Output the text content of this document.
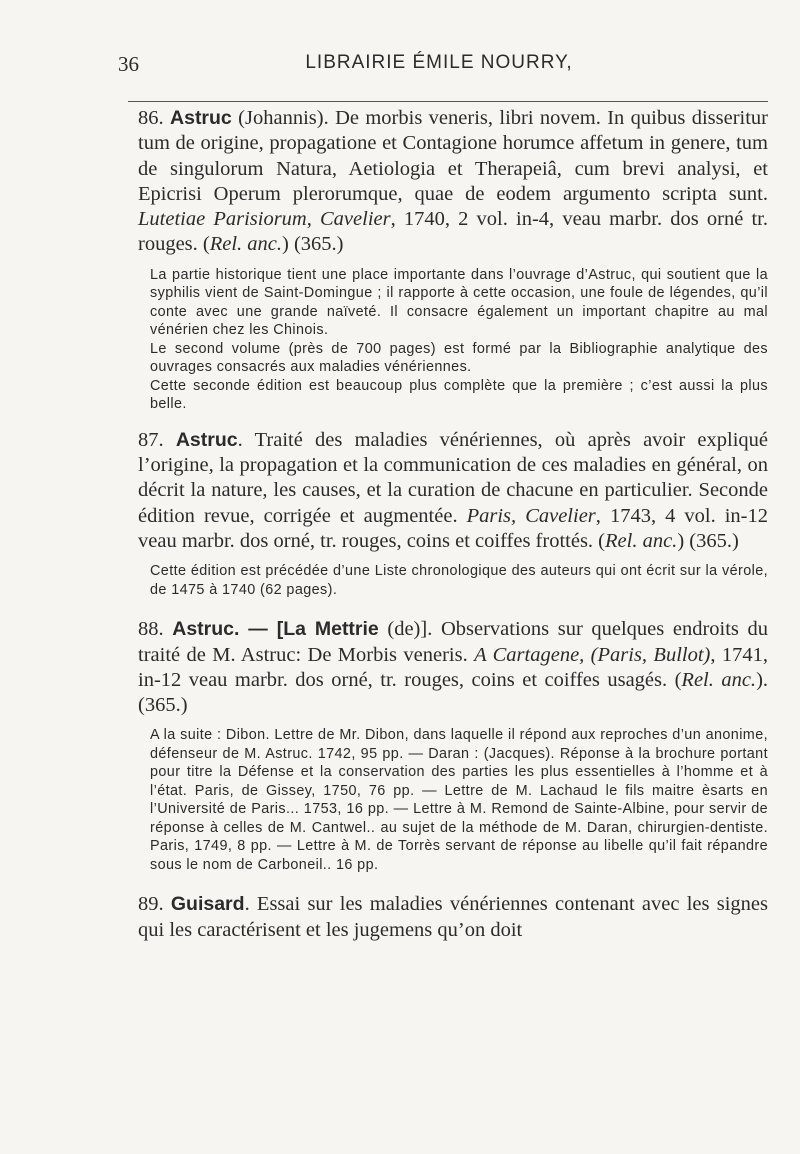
36	LIBRAIRIE ÉMILE NOURRY,

86. Astruc (Johannis). De morbis veneris, libri novem. In quibus disseritur tum de origine, propagatione et Contagione horumce affetum in genere, tum de singulorum Natura, Aetiologia et Therapeiâ, cum brevi analysi, et Epicrisi Operum plerorumque, quae de eodem argumento scripta sunt. Lutetiae Parisiorum, Cavelier, 1740, 2 vol. in-4, veau marbr. dos orné tr. rouges. (Rel. anc.) (365.)

La partie historique tient une place importante dans l’ouvrage d’Astruc, qui soutient que la syphilis vient de Saint-Domingue ; il rapporte à cette occasion, une foule de légendes, qu’il conte avec une grande naïveté. Il consacre également un important chapitre au mal vénérien chez les Chinois.

Le second volume (près de 700 pages) est formé par la Bibliographie analytique des ouvrages consacrés aux maladies vénériennes.

Cette seconde édition est beaucoup plus complète que la première ; c’est aussi la plus belle.

87. Astruc. Traité des maladies vénériennes, où après avoir expliqué l’origine, la propagation et la communication de ces maladies en général, on décrit la nature, les causes, et la curation de chacune en particulier. Seconde édition revue, corrigée et augmentée. Paris, Cavelier, 1743, 4 vol. in-12 veau marbr. dos orné, tr. rouges, coins et coiffes frottés. (Rel. anc.) (365.)

Cette édition est précédée d’une Liste chronologique des auteurs qui ont écrit sur la vérole, de 1475 à 1740 (62 pages).

88. Astruc. — [La Mettrie (de)]. Observations sur quelques endroits du traité de M. Astruc: De Morbis veneris. A Cartagene, (Paris, Bullot), 1741, in-12 veau marbr. dos orné, tr. rouges, coins et coiffes usagés. (Rel. anc.). (365.)

A la suite : Dibon. Lettre de Mr. Dibon, dans laquelle il répond aux reproches d’un anonime, défenseur de M. Astruc. 1742, 95 pp. — Daran : (Jacques). Réponse à la brochure portant pour titre la Défense et la conservation des parties les plus essentielles à l’homme et à l’état. Paris, de Gissey, 1750, 76 pp. — Lettre de M. Lachaud le fils maitre èsarts en l’Université de Paris... 1753, 16 pp. — Lettre à M. Remond de Sainte-Albine, pour servir de réponse à celles de M. Cantwel.. au sujet de la méthode de M. Daran, chirurgien-dentiste. Paris, 1749, 8 pp. — Lettre à M. de Torrès servant de réponse au libelle qu’il fait répandre sous le nom de Carboneil.. 16 pp.

89. Guisard. Essai sur les maladies vénériennes contenant avec les signes qui les caractérisent et les jugemens qu’on doit
